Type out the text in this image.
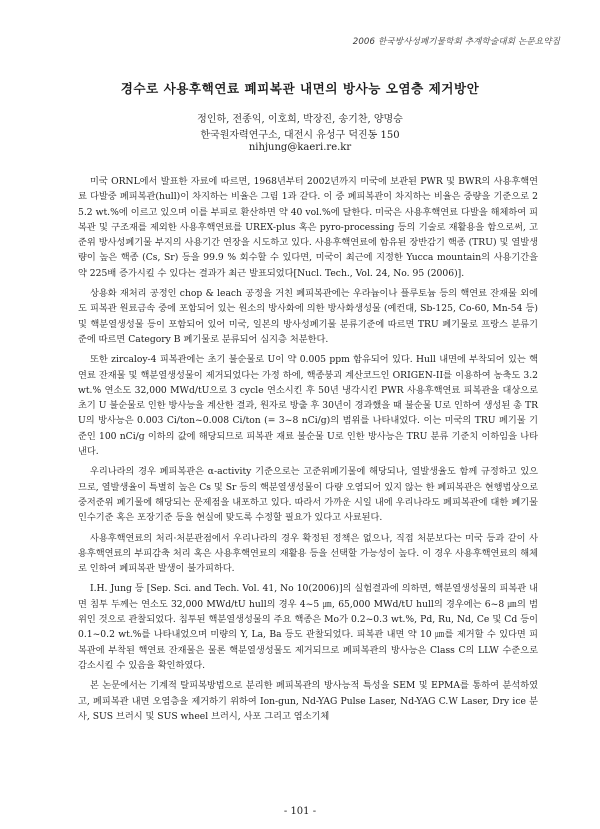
2006 한국방사성폐기물학회 추계학술대회 논문요약집
경수로 사용후핵연료 폐피복관 내면의 방사능 오염층 제거방안
정인하, 전종익, 이호희, 박장진, 송기찬, 양명승
한국원자력연구소, 대전시 유성구 덕진동 150
nihjung@kaeri.re.kr

미국 ORNL에서 발표한 자료에 따르면, 1968년부터 2002년까지 미국에 보관된 PWR 및 BWR의 사용후핵연료 다발중 폐피복관(hull)이 차지하는 비율은 그림 1과 같다. 이 중 폐피복관이 차지하는 비율은 중량을 기준으로 25.2 wt.%에 이르고 있으며 이를 부피로 환산하면 약 40 vol.%에 달한다. 미국은 사용후핵연료 다발을 해체하여 피복관 및 구조재를 제외한 사용후핵연료를 UREX-plus 혹은 pyro-processing 등의 기술로 재활용을 함으로써, 고준위 방사성폐기물 부지의 사용기간 연장을 시도하고 있다. 사용후핵연료에 함유된 장반감기 핵종 (TRU) 및 열발생량이 높은 핵종 (Cs, Sr) 등을 99.9 % 회수할 수 있다면, 미국이 최근에 지정한 Yucca mountain의 사용기간을 약 225배 증가시킬 수 있다는 결과가 최근 발표되었다[Nucl. Tech., Vol. 24, No. 95 (2006)].

상용화 재처리 공정인 chop & leach 공정을 거친 폐피복관에는 우라늄이나 플루토늄 등의 핵연료 잔재물 외에도 피복관 원료금속 중에 포함되어 있는 원소의 방사화에 의한 방사화생성물 (예컨대, Sb-125, Co-60, Mn-54 등) 및 핵분열생성물 등이 포함되어 있어 미국, 일본의 방사성폐기물 분류기준에 따르면 TRU 폐기물로 프랑스 분류기준에 따르면 Category B 폐기물로 분류되어 심지층 처분한다.

또한 zircaloy-4 피복관에는 초기 불순물로 U이 약 0.005 ppm 함유되어 있다. Hull 내면에 부착되어 있는 핵연료 잔재물 및 핵분열생성물이 제거되었다는 가정 하에, 핵종붕괴 계산코드인 ORIGEN-II를 이용하여 농축도 3.2 wt.% 연소도 32,000 MWd/tU으로 3 cycle 연소시킨 후 50년 냉각시킨 PWR 사용후핵연료 피복관을 대상으로 초기 U 불순물로 인한 방사능을 계산한 결과, 원자로 방출 후 30년이 경과했을 때 불순물 U로 인하여 생성된 총 TRU의 방사능은 0.003 Ci/ton~0.008 Ci/ton (= 3~8 nCi/g)의 범위를 나타내었다. 이는 미국의 TRU 폐기물 기준인 100 nCi/g 이하의 값에 해당되므로 피복관 재료 불순물 U로 인한 방사능은 TRU 분류 기준치 이하임을 나타낸다.

우리나라의 경우 폐피복관은 α-activity 기준으로는 고준위폐기물에 해당되나, 열발생율도 함께 규정하고 있으므로, 열발생율이 특별히 높은 Cs 및 Sr 등의 핵분열생성물이 다량 오염되어 있지 않는 한 폐피복관은 현행법상으로 중저준위 폐기물에 해당되는 문제점을 내포하고 있다. 따라서 가까운 시일 내에 우리나라도 폐피복관에 대한 폐기물 인수기준 혹은 포장기준 등을 현실에 맞도록 수정할 필요가 있다고 사료된다.

사용후핵연료의 처리·처분관점에서 우리나라의 경우 확정된 정책은 없으나, 직접 처분보다는 미국 등과 같이 사용후핵연료의 부피감축 처리 혹은 사용후핵연료의 재활용 등을 선택할 가능성이 높다. 이 경우 사용후핵연료의 해체로 인하여 폐피복관 발생이 불가피하다.

I.H. Jung 등 [Sep. Sci. and Tech. Vol. 41, No 10(2006)]의 실험결과에 의하면, 핵분열생성물의 피복관 내면 침투 두께는 연소도 32,000 MWd/tU hull의 경우 4~5 ㎛, 65,000 MWd/tU hull의 경우에는 6~8 ㎛의 범위인 것으로 관찰되었다. 침투된 핵분열생성물의 주요 핵종은 Mo가 0.2~0.3 wt.%, Pd, Ru, Nd, Ce 및 Cd 등이 0.1~0.2 wt.%를 나타내었으며 미량의 Y, La, Ba 등도 관찰되었다. 피복관 내면 약 10 ㎛를 제거할 수 있다면 피복관에 부착된 핵연료 잔재물은 물론 핵분열생성물도 제거되므로 폐피복관의 방사능은 Class C의 LLW 수준으로 감소시킬 수 있음을 확인하였다.

본 논문에서는 기계적 탈피복방법으로 분리한 폐피복관의 방사능적 특성을 SEM 및 EPMA를 통하여 분석하였고, 폐피복관 내면 오염층을 제거하기 위하여 Ion-gun, Nd-YAG Pulse Laser, Nd-YAG C.W Laser, Dry ice 분사, SUS 브러시 및 SUS wheel 브러시, 사포 그리고 염소기체

- 101 -
